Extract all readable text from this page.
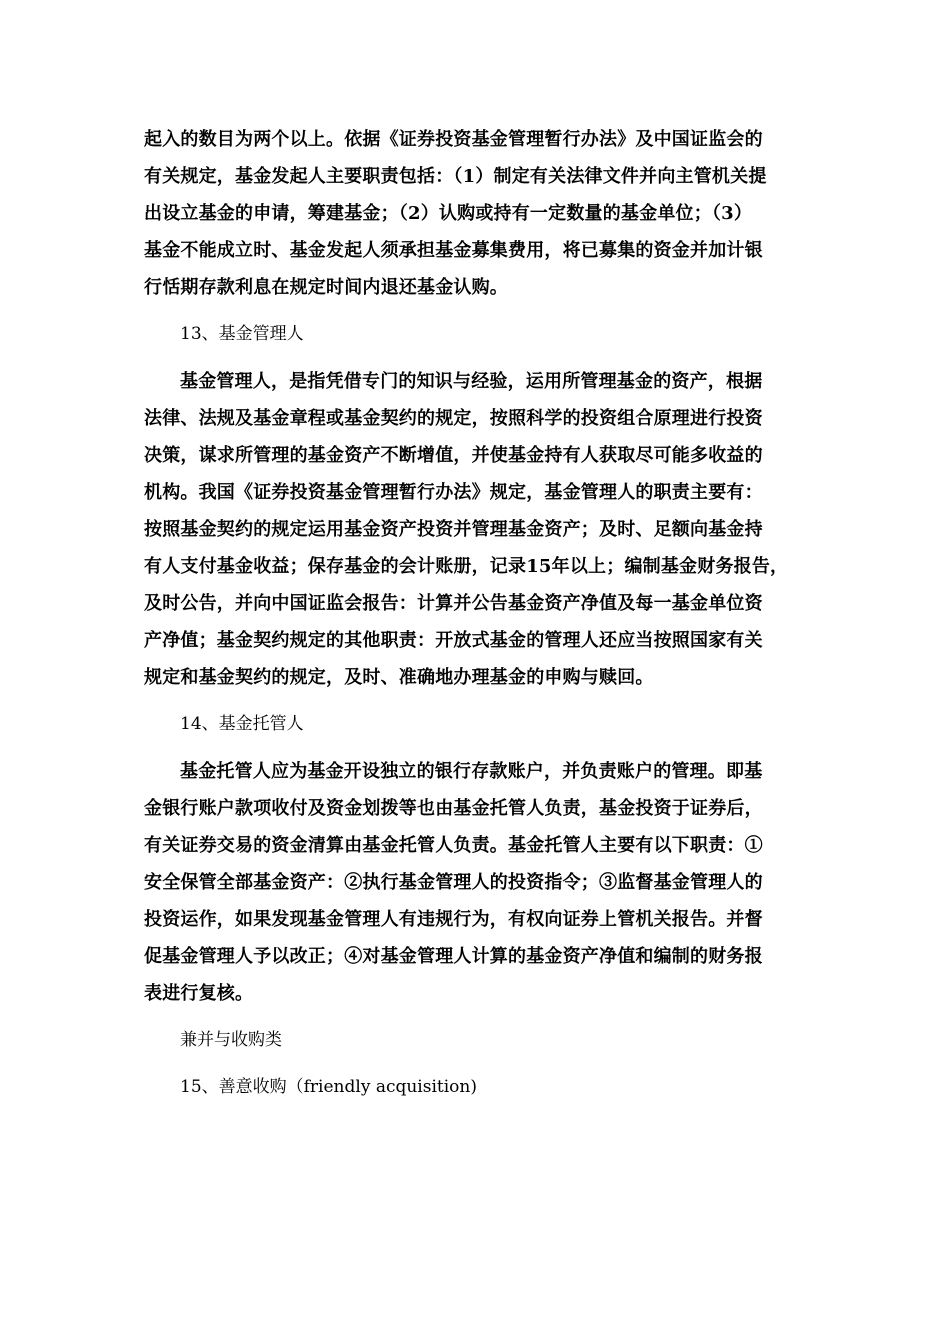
起入的数目为两个以上。依据《证券投资基金管理暂行办法》及中国证监会的
有关规定，基金发起人主要职责包括：（1）制定有关法律文件并向主管机关提
出设立基金的申请，筹建基金；（2）认购或持有一定数量的基金单位；（3）
基金不能成立时、基金发起人须承担基金募集费用，将已募集的资金并加计银
行恬期存款利息在规定时间内退还基金认购。
13、基金管理人
基金管理人，是指凭借专门的知识与经验，运用所管理基金的资产，根据
法律、法规及基金章程或基金契约的规定，按照科学的投资组合原理进行投资
决策，谋求所管理的基金资产不断增值，并使基金持有人获取尽可能多收益的
机构。我国《证券投资基金管理暂行办法》规定，基金管理人的职责主要有：
按照基金契约的规定运用基金资产投资并管理基金资产；及时、足额向基金持
有人支付基金收益；保存基金的会计账册，记录15年以上；编制基金财务报告，
及时公告，并向中国证监会报告：计算并公告基金资产净值及每一基金单位资
产净值；基金契约规定的其他职责：开放式基金的管理人还应当按照国家有关
规定和基金契约的规定，及时、准确地办理基金的申购与赎回。
14、基金托管人
基金托管人应为基金开设独立的银行存款账户，并负责账户的管理。即基
金银行账户款项收付及资金划拨等也由基金托管人负责，基金投资于证券后，
有关证券交易的资金清算由基金托管人负责。基金托管人主要有以下职责：①
安全保管全部基金资产：②执行基金管理人的投资指令；③监督基金管理人的
投资运作，如果发现基金管理人有违规行为，有权向证券上管机关报告。并督
促基金管理人予以改正；④对基金管理人计算的基金资产净值和编制的财务报
表进行复核。
兼并与收购类
15、善意收购（friendly acquisition)
